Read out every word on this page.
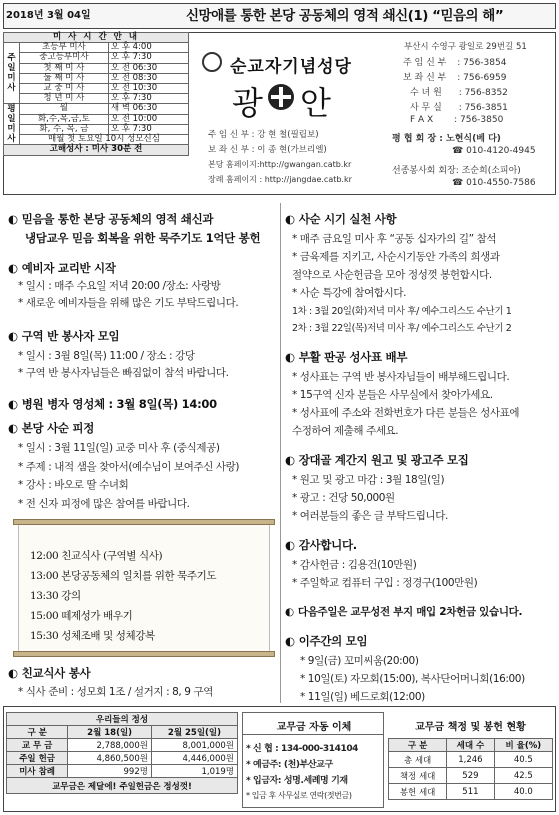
2018년 3월 04일	신망애를 통한 본당 공동체의 영적 쇄신(1) “믿음의 해”
미 사 시 간 안 내		
주
일
미
사	초등부 미사	오 후 4:00
	중고등부미사	오 후 7:30
	첫 째 미 사	오 전 06:30
	둘 째 미 사	오 전 08:30
	교 중 미 사	오 전 10:30
	청 년 미 사	오 후 7:30
평
일
미
사	월	새 벽 06:30
	화,수,목,금,토	오 전 10:00
	화, 수, 목, 금	오 후 7:30
	매월 첫 토요일 10시 성모신심	
고해성사 : 미사 30분 전		
순교자기념성당
광 안
주 임 신 부 : 강 현 철(필립보)
보 좌 신 부 : 이 종 현(가브리엘)
본당 홈페이지:http://gwangan.catb.kr
장례 홈페이지 : http://jangdae.catb.kr
부산시 수영구 광일로 29번길 51
주 임 신 부 : 756-3854
보 좌 신 부 : 756-6959
수 녀 원 : 756-8352
사 무 실 : 756-3851
F A X : 756-3850
평 협 회 장 : 노현식(베 다)
☎ 010-4120-4945
선종봉사회 회장: 조순희(소피아)
☎ 010-4550-7586
◐ 믿음을 통한 본당 공동체의 영적 쇄신과
냉담교우 믿음 회복을 위한 묵주기도 1억단 봉헌
◐ 예비자 교리반 시작
* 일시 : 매주 수요일 저녁 20:00 /장소: 사랑방
* 새로운 예비자들을 위해 많은 기도 부탁드립니다.
◐ 구역 반 봉사자 모임
* 일시 : 3월 8일(목) 11:00 / 장소 : 강당
* 구역 반 봉사자님들은 빠짐없이 참석 바랍니다.
◐ 병원 병자 영성체 : 3월 8일(목) 14:00
◐ 본당 사순 피정
* 일시 : 3월 11일(일) 교중 미사 후 (중식제공)
* 주제 : 내적 샘을 찾아서(예수님이 보여주신 사랑)
* 강사 : 바오로 딸 수녀회
* 전 신자 피정에 많은 참여를 바랍니다.
12:00 친교식사 (구역별 식사)
13:00 본당공동체의 일치를 위한 묵주기도
13:30 강의
15:00 떼제성가 배우기
15:30 성체조배 및 성체강복
◐ 친교식사 봉사
* 식사 준비 : 성모회 1조 / 설거지 : 8, 9 구역
◐ 사순 시기 실천 사항
* 매주 금요일 미사 후 “공동 십자가의 길” 참석
* 금육제를 지키고, 사순시기동안 가족의 희생과
절약으로 사순헌금을 모아 정성껏 봉헌합시다.
* 사순 특강에 참여합시다.
1차 : 3월 20일(화)저녁 미사 후/ 예수그리스도 수난기 1
2차 : 3월 22일(목)저녁 미사 후/ 예수그리스도 수난기 2
◐ 부활 판공 성사표 배부
* 성사표는 구역 반 봉사자님들이 배부해드립니다.
* 15구역 신자 분들은 사무실에서 찾아가세요.
* 성사표에 주소와 전화번호가 다른 분들은 성사표에
수정하여 제출해 주세요.
◐ 장대골 계간지 원고 및 광고주 모집
* 원고 및 광고 마감 : 3월 18일(일)
* 광고 : 건당 50,000원
* 여러분들의 좋은 글 부탁드립니다.
◐ 감사합니다.
* 감사헌금 : 김용건(10만원)
* 주일학교 컴퓨터 구입 : 정경구(100만원)
◐ 다음주일은 교무성전 부지 매입 2차헌금 있습니다.
◐ 이주간의 모임
* 9일(금) 꼬미씨움(20:00)
* 10일(토) 자모회(15:00), 복사단어머니회(16:00)
* 11일(일) 베드로회(12:00)
우리들의 정성		
구 분	2월 18(일)	2월 25일(일)
교 무 금	2,788,000원	8,001,000원
주일 헌금	4,860,500원	4,446,000원
미사 참례	992명	1,019명
교무금은 제달에! 주일헌금은 정성껏!		
교무금 자동 이체
* 신 협 : 134-000-314104
* 예금주: (천)부산교구
* 입금자: 성명.세례명 기재
* 입금 후 사무실로 연락(젓번금)
교무금 책정 및 봉헌 현황
구 분	세대 수	비 율(%)
총 세대	1,246	40.5
책정 세대	529	42.5
봉헌 세대	511	40.0
